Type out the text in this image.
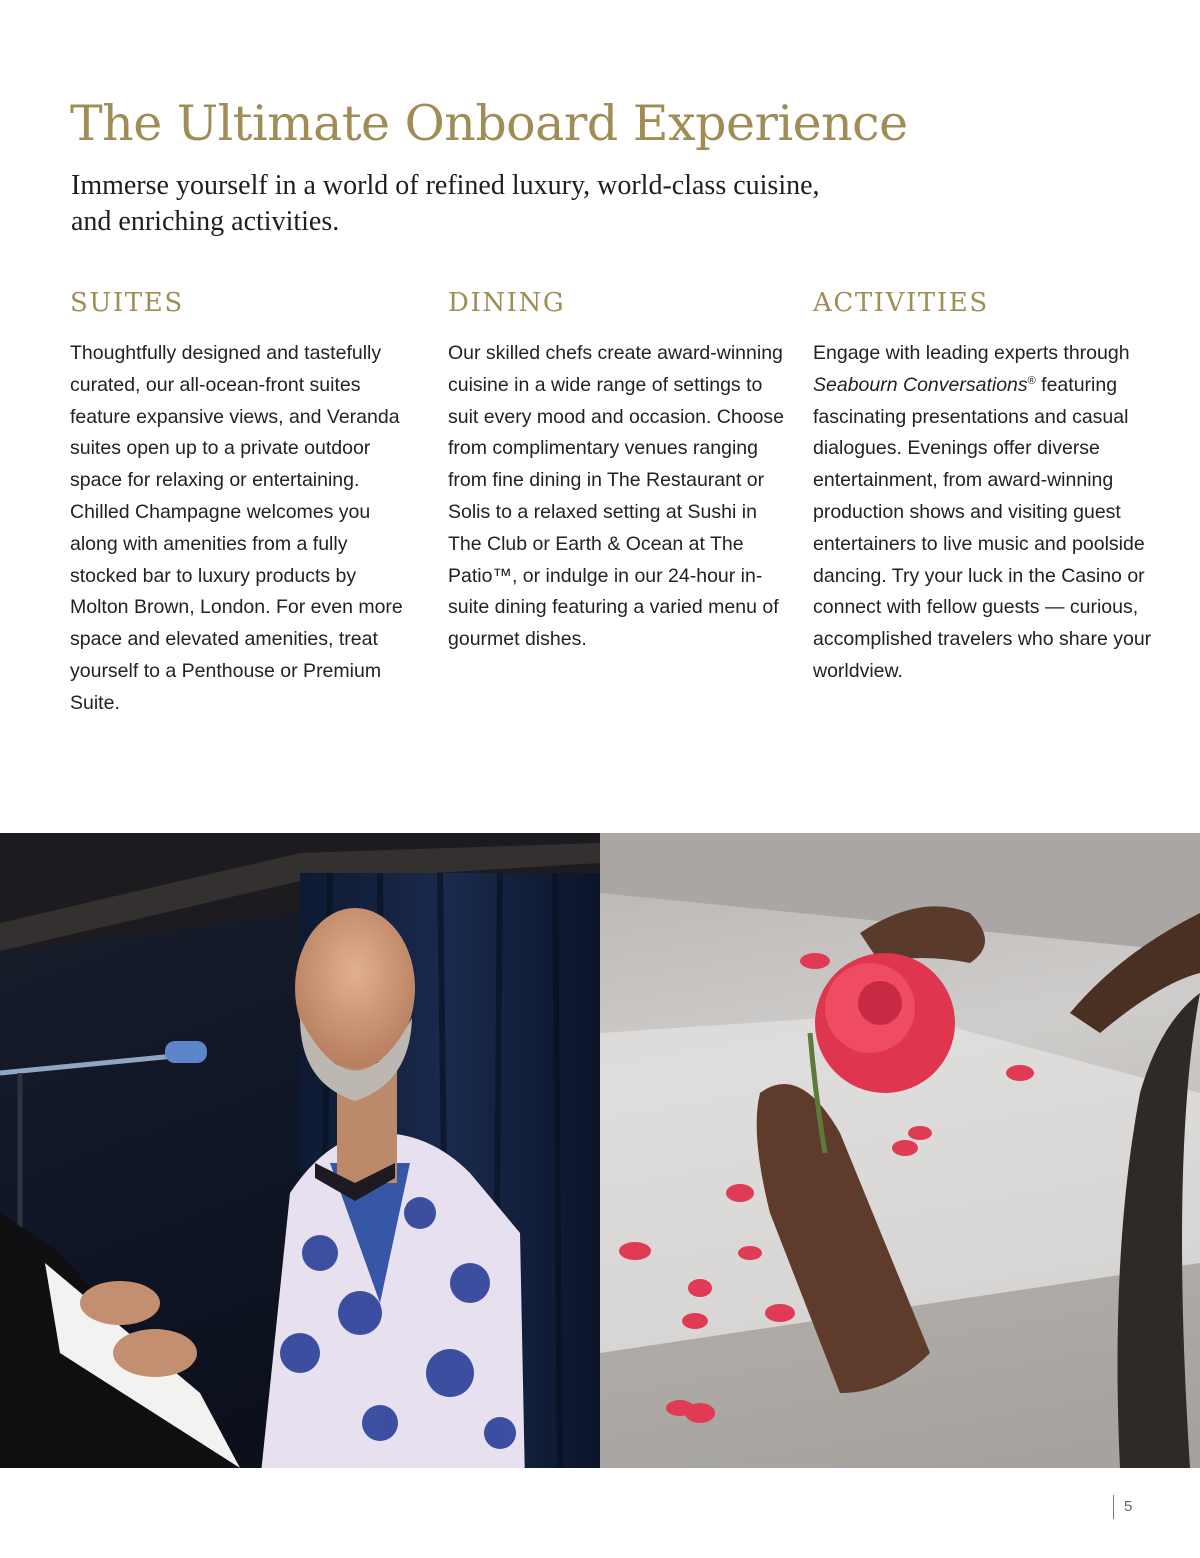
The Ultimate Onboard Experience

Immerse yourself in a world of refined luxury, world-class cuisine,
and enriching activities.

SUITES

Thoughtfully designed and tastefully curated, our all-ocean-front suites feature expansive views, and Veranda suites open up to a private outdoor space for relaxing or entertaining. Chilled Champagne welcomes you along with amenities from a fully stocked bar to luxury products by Molton Brown, London. For even more space and elevated amenities, treat yourself to a Penthouse or Premium Suite.

DINING

Our skilled chefs create award-winning cuisine in a wide range of settings to suit every mood and occasion. Choose from complimentary venues ranging from fine dining in The Restaurant or Solis to a relaxed setting at Sushi in The Club or Earth & Ocean at The Patio™, or indulge in our 24-hour in-suite dining featuring a varied menu of gourmet dishes.

ACTIVITIES

Engage with leading experts through Seabourn Conversations® featuring fascinating presentations and casual dialogues. Evenings offer diverse entertainment, from award-winning production shows and visiting guest entertainers to live music and poolside dancing. Try your luck in the Casino or connect with fellow guests — curious, accomplished travelers who share your worldview.

5
